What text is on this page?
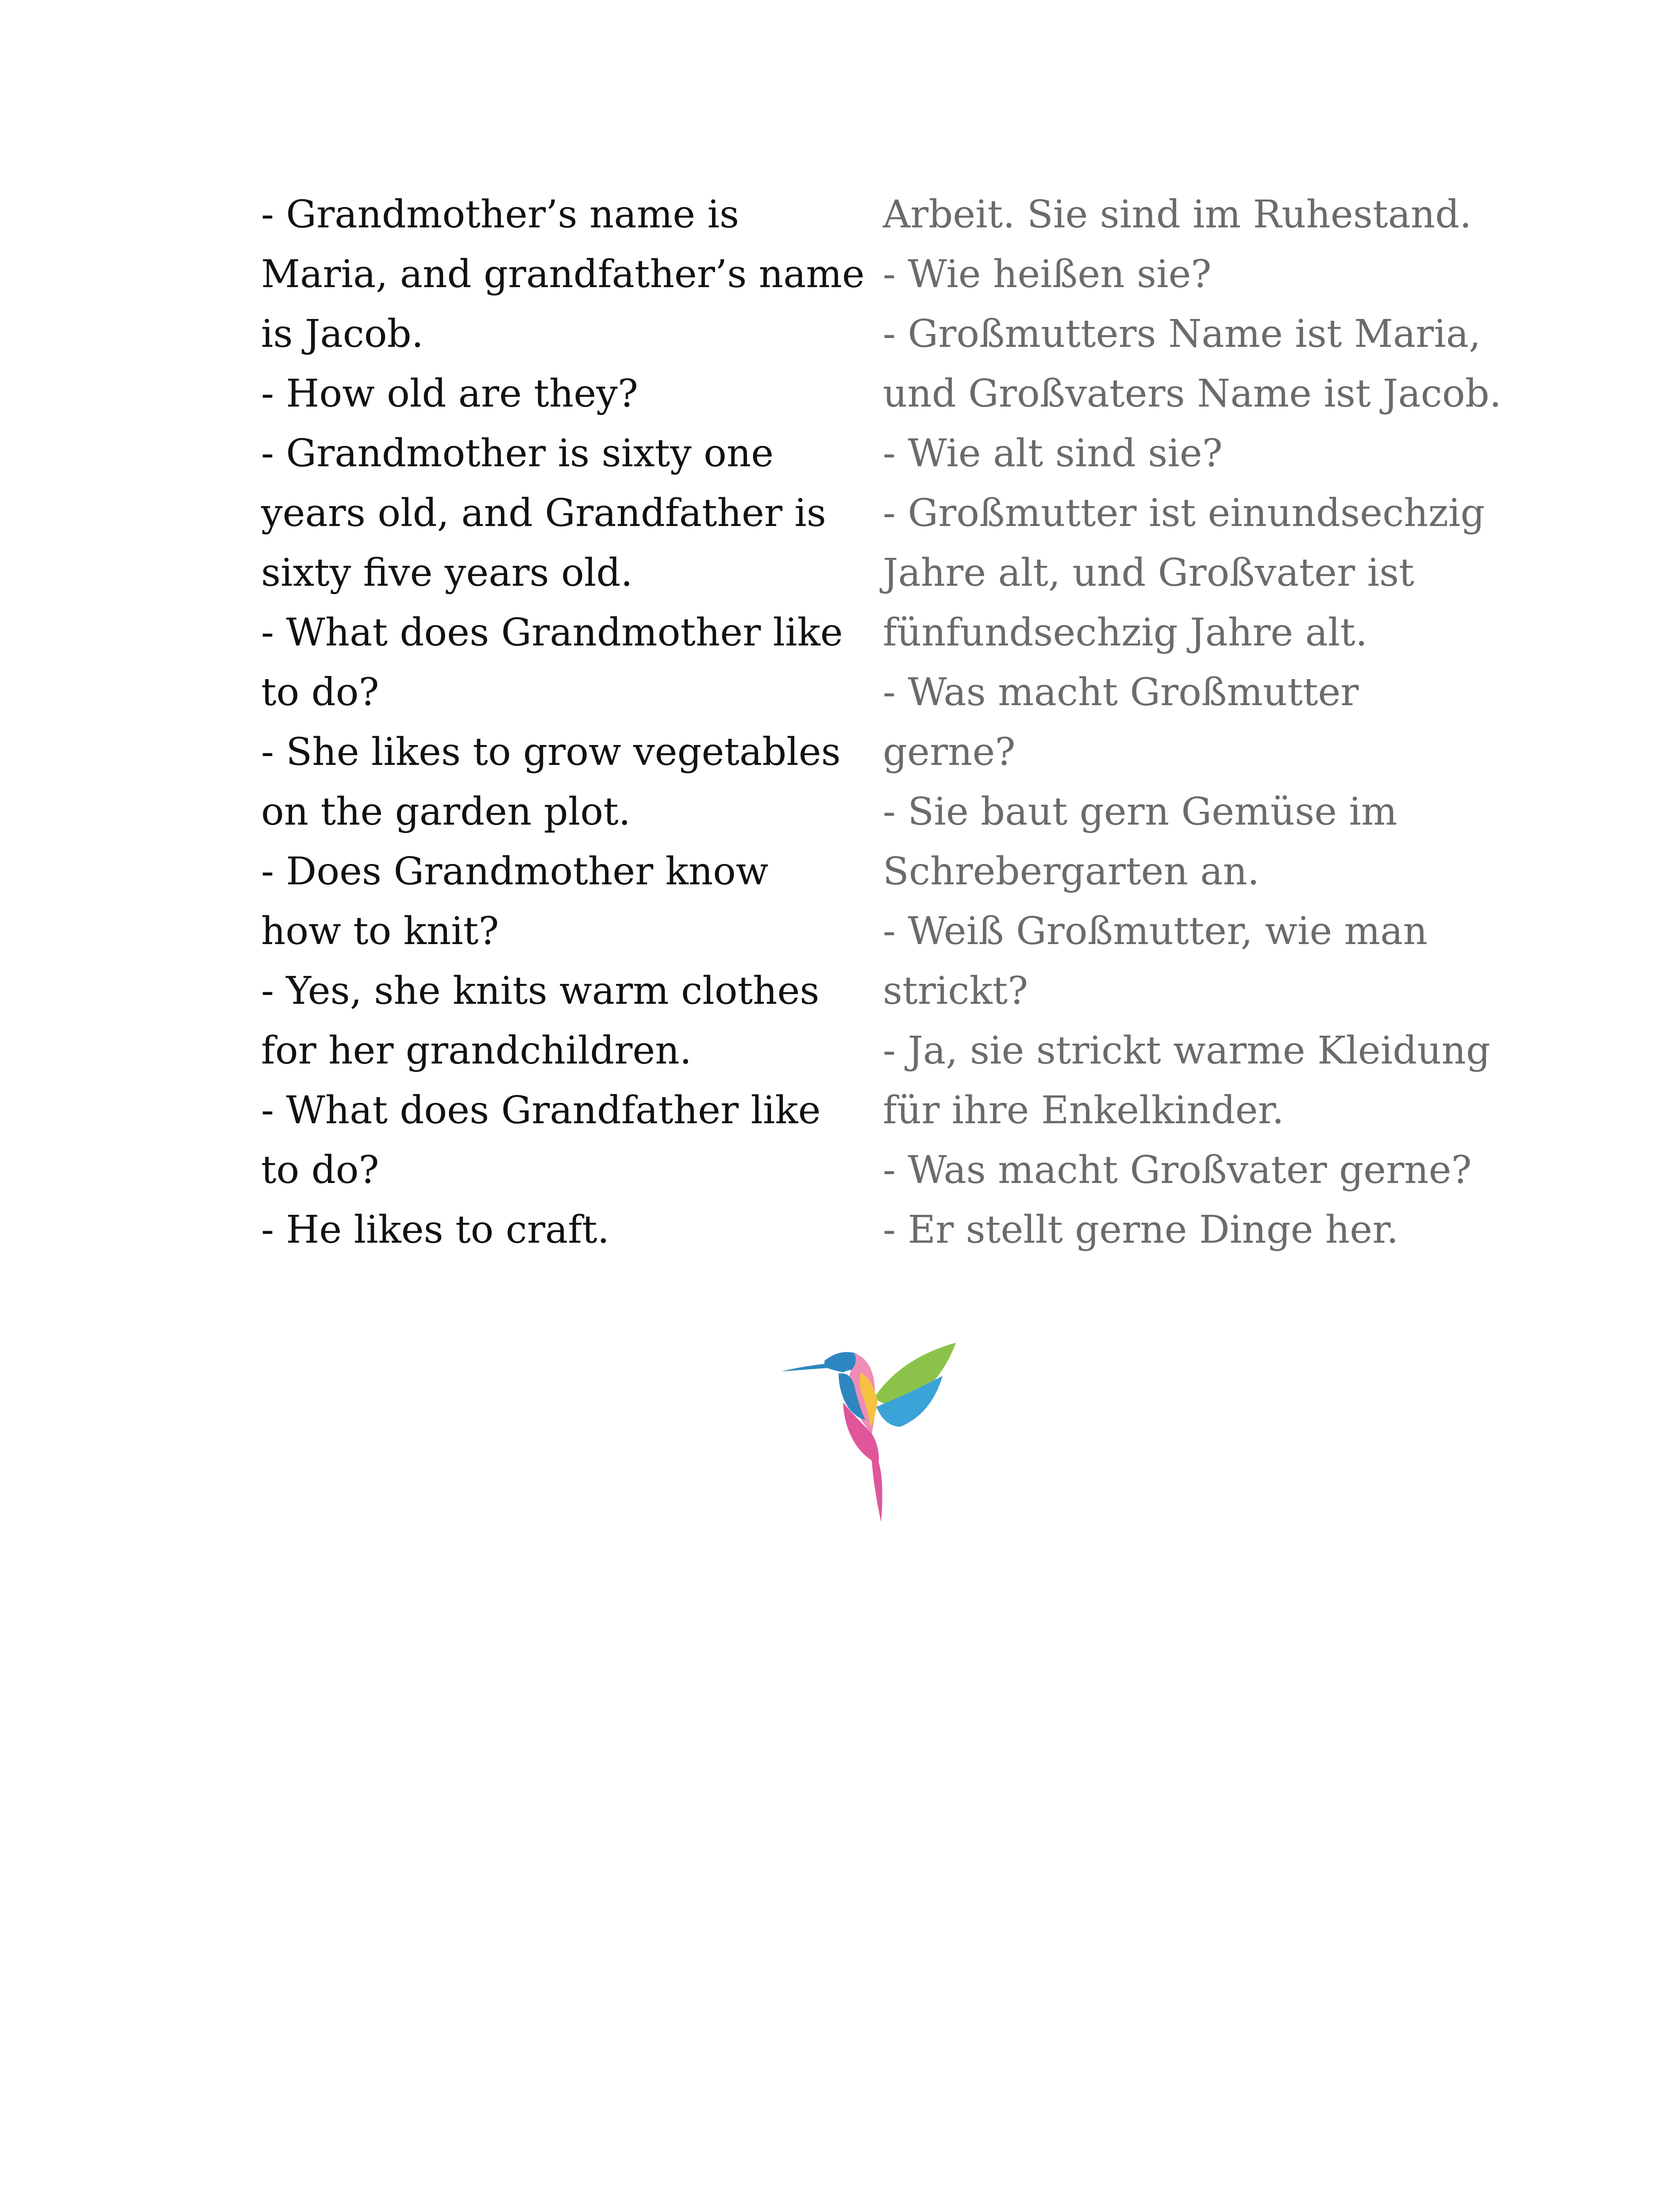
- Grandmother’s name is
Maria, and grandfather’s name
is Jacob.
- How old are they?
- Grandmother is sixty one
years old, and Grandfather is
sixty five years old.
- What does Grandmother like
to do?
- She likes to grow vegetables
on the garden plot.
- Does Grandmother know
how to knit?
- Yes, she knits warm clothes
for her grandchildren.
- What does Grandfather like
to do?
- He likes to craft.
Arbeit. Sie sind im Ruhestand.
- Wie heißen sie?
- Großmutters Name ist Maria,
und Großvaters Name ist Jacob.
- Wie alt sind sie?
- Großmutter ist einundsechzig
Jahre alt, und Großvater ist
fünfundsechzig Jahre alt.
- Was macht Großmutter
gerne?
- Sie baut gern Gemüse im
Schrebergarten an.
- Weiß Großmutter, wie man
strickt?
- Ja, sie strickt warme Kleidung
für ihre Enkelkinder.
- Was macht Großvater gerne?
- Er stellt gerne Dinge her.
